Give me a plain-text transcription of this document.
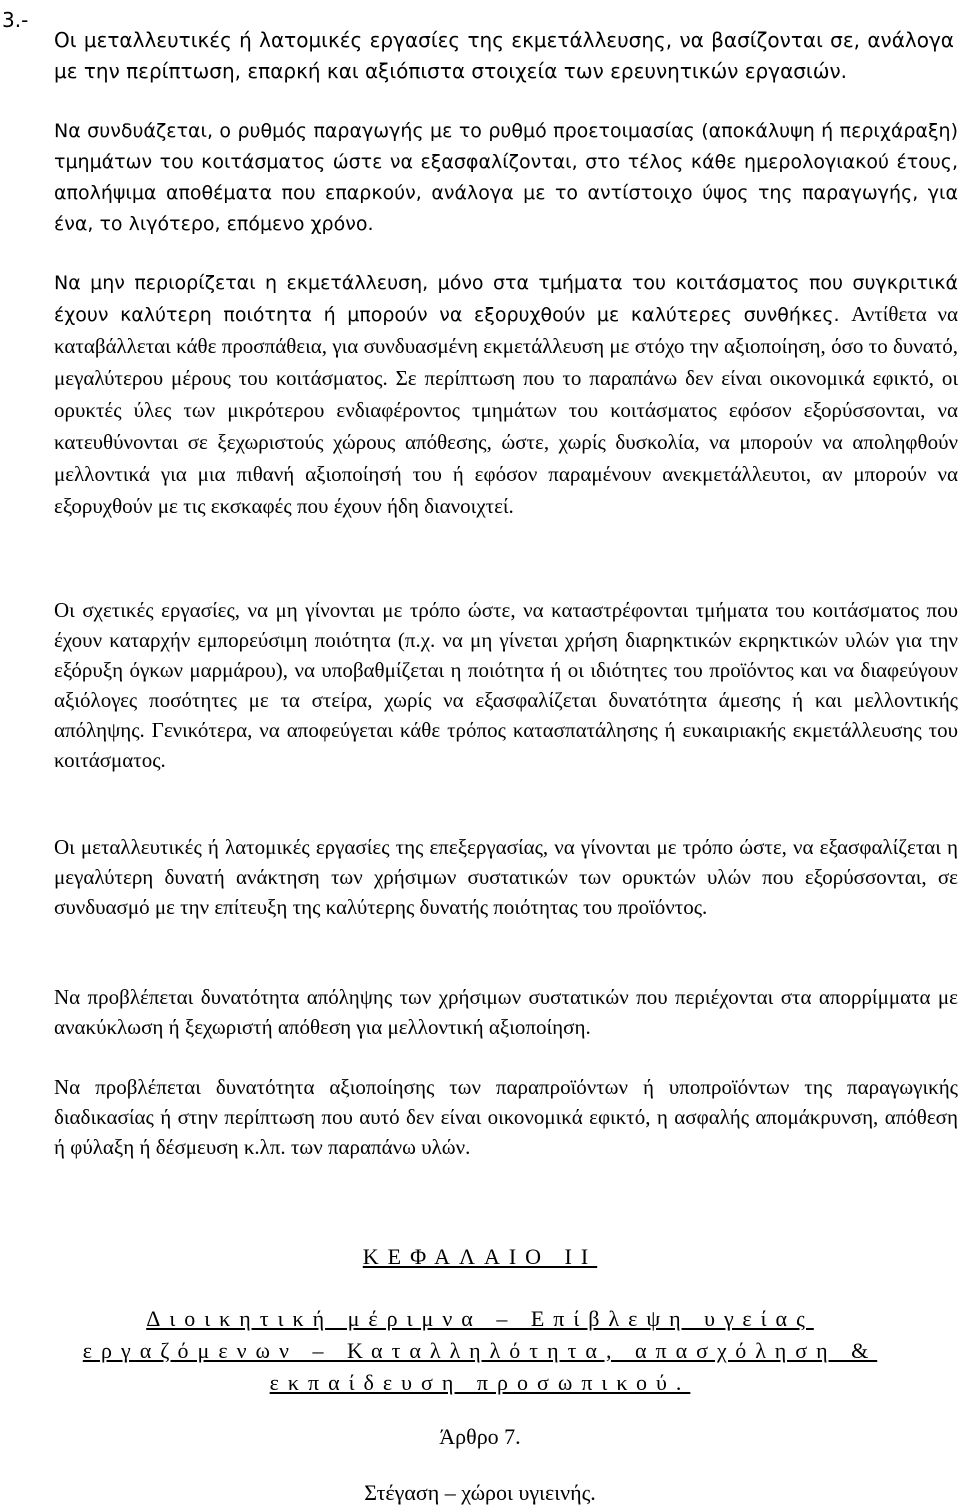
3.-

Οι μεταλλευτικές ή λατομικές εργασίες της εκμετάλλευσης, να βασίζονται σε, ανάλογα με την περίπτωση, επαρκή και αξιόπιστα στοιχεία των ερευνητικών εργασιών.

Να συνδυάζεται, ο ρυθμός παραγωγής με το ρυθμό προετοιμασίας (αποκάλυψη ή περιχάραξη) τμημάτων του κοιτάσματος ώστε να εξασφαλίζονται, στο τέλος κάθε ημερολογιακού έτους, απολήψιμα αποθέματα που επαρκούν, ανάλογα με το αντίστοιχο ύψος της παραγωγής, για ένα, το λιγότερο, επόμενο χρόνο.

Να μην περιορίζεται η εκμετάλλευση, μόνο στα τμήματα του κοιτάσματος που συγκριτικά έχουν καλύτερη ποιότητα ή μπορούν να εξορυχθούν με καλύτερες συνθήκες. Αντίθετα να καταβάλλεται κάθε προσπάθεια, για συνδυασμένη εκμετάλλευση με στόχο την αξιοποίηση, όσο το δυνατό, μεγαλύτερου μέρους του κοιτάσματος. Σε περίπτωση που το παραπάνω δεν είναι οικονομικά εφικτό, οι ορυκτές ύλες των μικρότερου ενδιαφέροντος τμημάτων του κοιτάσματος εφόσον εξορύσσονται, να κατευθύνονται σε ξεχωριστούς χώρους απόθεσης, ώστε, χωρίς δυσκολία, να μπορούν να αποληφθούν μελλοντικά για μια πιθανή αξιοποίησή του ή εφόσον παραμένουν ανεκμετάλλευτοι, αν μπορούν να εξορυχθούν με τις εκσκαφές που έχουν ήδη διανοιχτεί.

Οι σχετικές εργασίες, να μη γίνονται με τρόπο ώστε, να καταστρέφονται τμήματα του κοιτάσματος που έχουν καταρχήν εμπορεύσιμη ποιότητα (π.χ. να μη γίνεται χρήση διαρηκτικών εκρηκτικών υλών για την εξόρυξη όγκων μαρμάρου), να υποβαθμίζεται η ποιότητα ή οι ιδιότητες του προϊόντος και να διαφεύγουν αξιόλογες ποσότητες με τα στείρα, χωρίς να εξασφαλίζεται δυνατότητα άμεσης ή και μελλοντικής απόληψης. Γενικότερα, να αποφεύγεται κάθε τρόπος κατασπατάλησης ή ευκαιριακής εκμετάλλευσης του κοιτάσματος.

Οι μεταλλευτικές ή λατομικές εργασίες της επεξεργασίας, να γίνονται με τρόπο ώστε, να εξασφαλίζεται η μεγαλύτερη δυνατή ανάκτηση των χρήσιμων συστατικών των ορυκτών υλών που εξορύσσονται, σε συνδυασμό με την επίτευξη της καλύτερης δυνατής ποιότητας του προϊόντος.

Να προβλέπεται δυνατότητα απόληψης των χρήσιμων συστατικών που περιέχονται στα απορρίμματα με ανακύκλωση ή ξεχωριστή απόθεση για μελλοντική αξιοποίηση.

Να προβλέπεται δυνατότητα αξιοποίησης των παραπροϊόντων ή υποπροϊόντων της παραγωγικής διαδικασίας ή στην περίπτωση που αυτό δεν είναι οικονομικά εφικτό, η ασφαλής απομάκρυνση, απόθεση ή φύλαξη ή δέσμευση κ.λπ. των παραπάνω υλών.

ΚΕΦΑΛΑΙΟ ΙΙ

Διοικητική μέριμνα – Επίβλεψη υγείας

εργαζόμενων – Καταλληλότητα, απασχόληση &

εκπαίδευση προσωπικού.

Άρθρο 7.

Στέγαση – χώροι υγιεινής.
